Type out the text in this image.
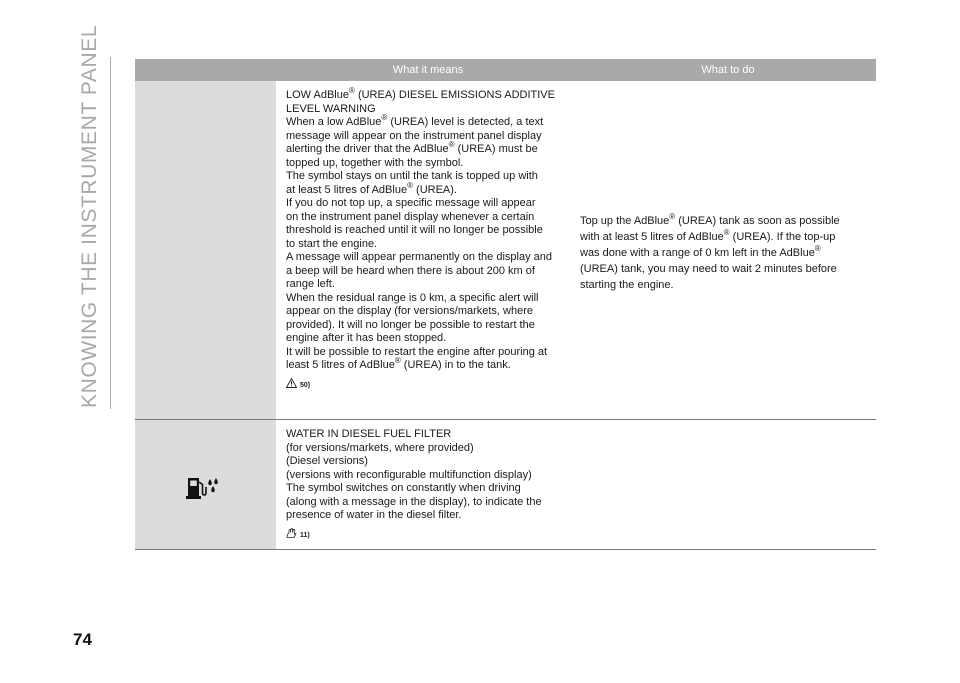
KNOWING THE INSTRUMENT PANEL
74
What it means	What to do
LOW AdBlue® (UREA) DIESEL EMISSIONS ADDITIVE
LEVEL WARNING
When a low AdBlue® (UREA) level is detected, a text
message will appear on the instrument panel display
alerting the driver that the AdBlue® (UREA) must be
topped up, together with the symbol.
The symbol stays on until the tank is topped up with
at least 5 litres of AdBlue® (UREA).
If you do not top up, a specific message will appear
on the instrument panel display whenever a certain
threshold is reached until it will no longer be possible
to start the engine.
A message will appear permanently on the display and
a beep will be heard when there is about 200 km of
range left.
When the residual range is 0 km, a specific alert will
appear on the display (for versions/markets, where
provided). It will no longer be possible to restart the
engine after it has been stopped.
It will be possible to restart the engine after pouring at
least 5 litres of AdBlue® (UREA) in to the tank.
50)
Top up the AdBlue® (UREA) tank as soon as possible
with at least 5 litres of AdBlue® (UREA). If the top-up
was done with a range of 0 km left in the AdBlue®
(UREA) tank, you may need to wait 2 minutes before
starting the engine.
WATER IN DIESEL FUEL FILTER
(for versions/markets, where provided)
(Diesel versions)
(versions with reconfigurable multifunction display)
The symbol switches on constantly when driving
(along with a message in the display), to indicate the
presence of water in the diesel filter.
11)
